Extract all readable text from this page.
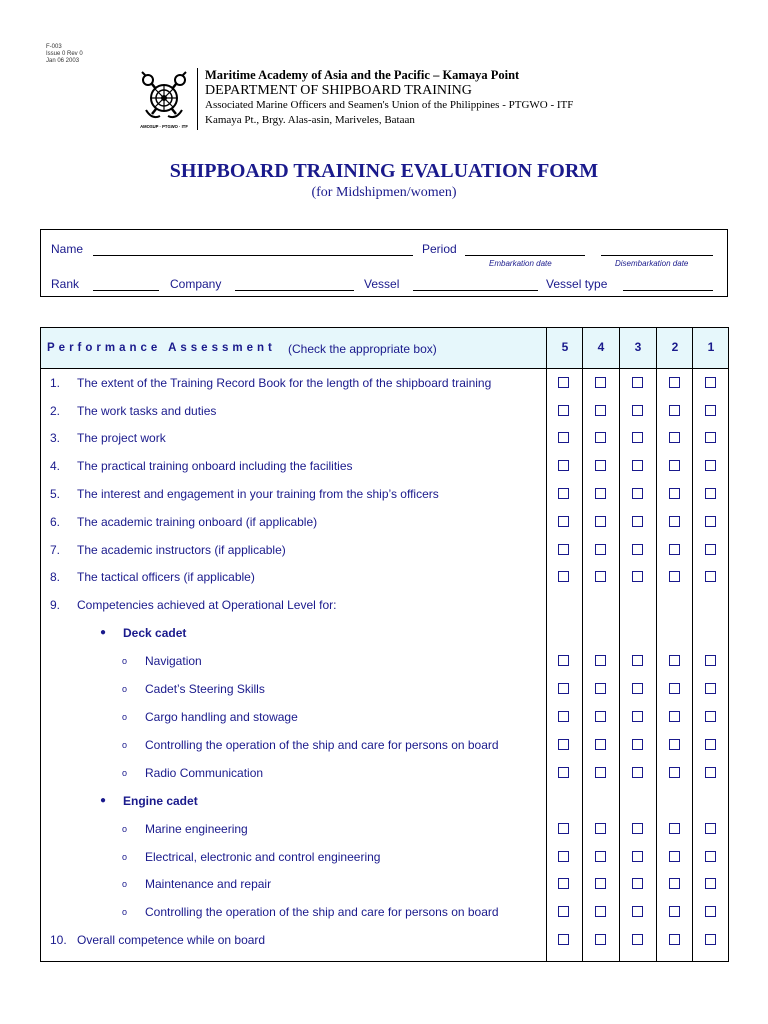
F-003
Issue 0 Rev 0
Jan 06 2003
AMOSUP · PTGWO · ITF
Maritime Academy of Asia and the Pacific – Kamaya Point
DEPARTMENT OF SHIPBOARD TRAINING
Associated Marine Officers and Seamen's Union of the Philippines - PTGWO - ITF
Kamaya Pt., Brgy. Alas-asin, Mariveles, Bataan
SHIPBOARD TRAINING EVALUATION FORM
(for Midshipmen/women)
Name	Period
Embarkation date	Disembarkation date
Rank	Company	Vessel	Vessel type
Performance Assessment (Check the appropriate box)	5	4	3	2	1
1. The extent of the Training Record Book for the length of the shipboard training
2. The work tasks and duties
3. The project work
4. The practical training onboard including the facilities
5. The interest and engagement in your training from the ship’s officers
6. The academic training onboard (if applicable)
7. The academic instructors (if applicable)
8. The tactical officers (if applicable)
9. Competencies achieved at Operational Level for:
● Deck cadet
o Navigation
o Cadet’s Steering Skills
o Cargo handling and stowage
o Controlling the operation of the ship and care for persons on board
o Radio Communication
● Engine cadet
o Marine engineering
o Electrical, electronic and control engineering
o Maintenance and repair
o Controlling the operation of the ship and care for persons on board
10. Overall competence while on board
